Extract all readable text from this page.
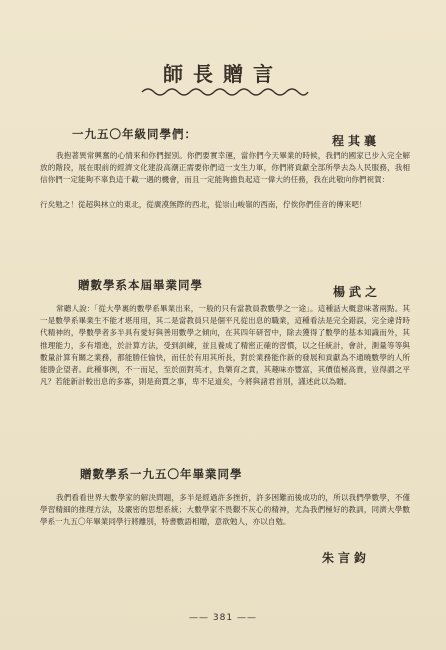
師長贈言
一九五〇年級同學們：	程其襄

我抱著異常興奮的心情來和你們握別。你們要實幸運，當你們今天畢業的時候，我們的國家已步入完全解放的階段，展在眼前的經濟文化建設高潮正需要你們這一支生力軍，你們將貢獻全部所學去為人民服務，我相信你們一定能夠不辜負這千載一遇的機會，而且一定能夠擔負起這一偉大的任務，我在此敬向你們祝賀：

行矣勉之！從超與林立的東北，從廣漠無際的西北，從崇山峻嶺的西南，佇俟你們佳音的傳來吧！

贈數學系本屆畢業同學	楊武之

常聽人說：「從大學裏的數學系畢業出來，一般的只有當教員教數學之一途」。這種話大概意味著兩點。其一是數學系畢業生不能才堪用用，其二是當教員只是個平凡從出息的職業，這種看法是完全錯誤，完全違背時代精神的，學數學者多半具有愛好與善用數學之傾向，在其四年研習中，除去獲得了數學的基本知識而外，其推理能力，多有增進，於計算方法，受到訓練，並且養成了精密正確的習慣，以之任統計，會計，測量等等與數量計算有關之業務，都能勝任愉快，而任於有用其所長，對於業務能作新的發展和貢獻為不通曉數學的人所能勝企望者。此種事例，不一而足，至於面對英才，負樂育之責，其趣味亦豐富，其價值極高貴，豈得謂之平凡？若能新計較出息的多寡，則是商賈之事，卑不足道矣，今將與諸君首別，謹述此以為贈。

贈數學系一九五〇年畢業同學

我們看看世界大數學家的解決問題，多半是經過許多挫折，許多困難而後成功的，所以我們學數學，不僅學習精細的推理方法，及嚴密的思想系統；大數學家不畏艱不灰心的精神，尤為我們極好的教訓，同濟大學數學系一九五〇年畢業同學行將離別，特書數語相贈，意欲勉人，亦以自勉。

朱言鈞
—— 381 ——
